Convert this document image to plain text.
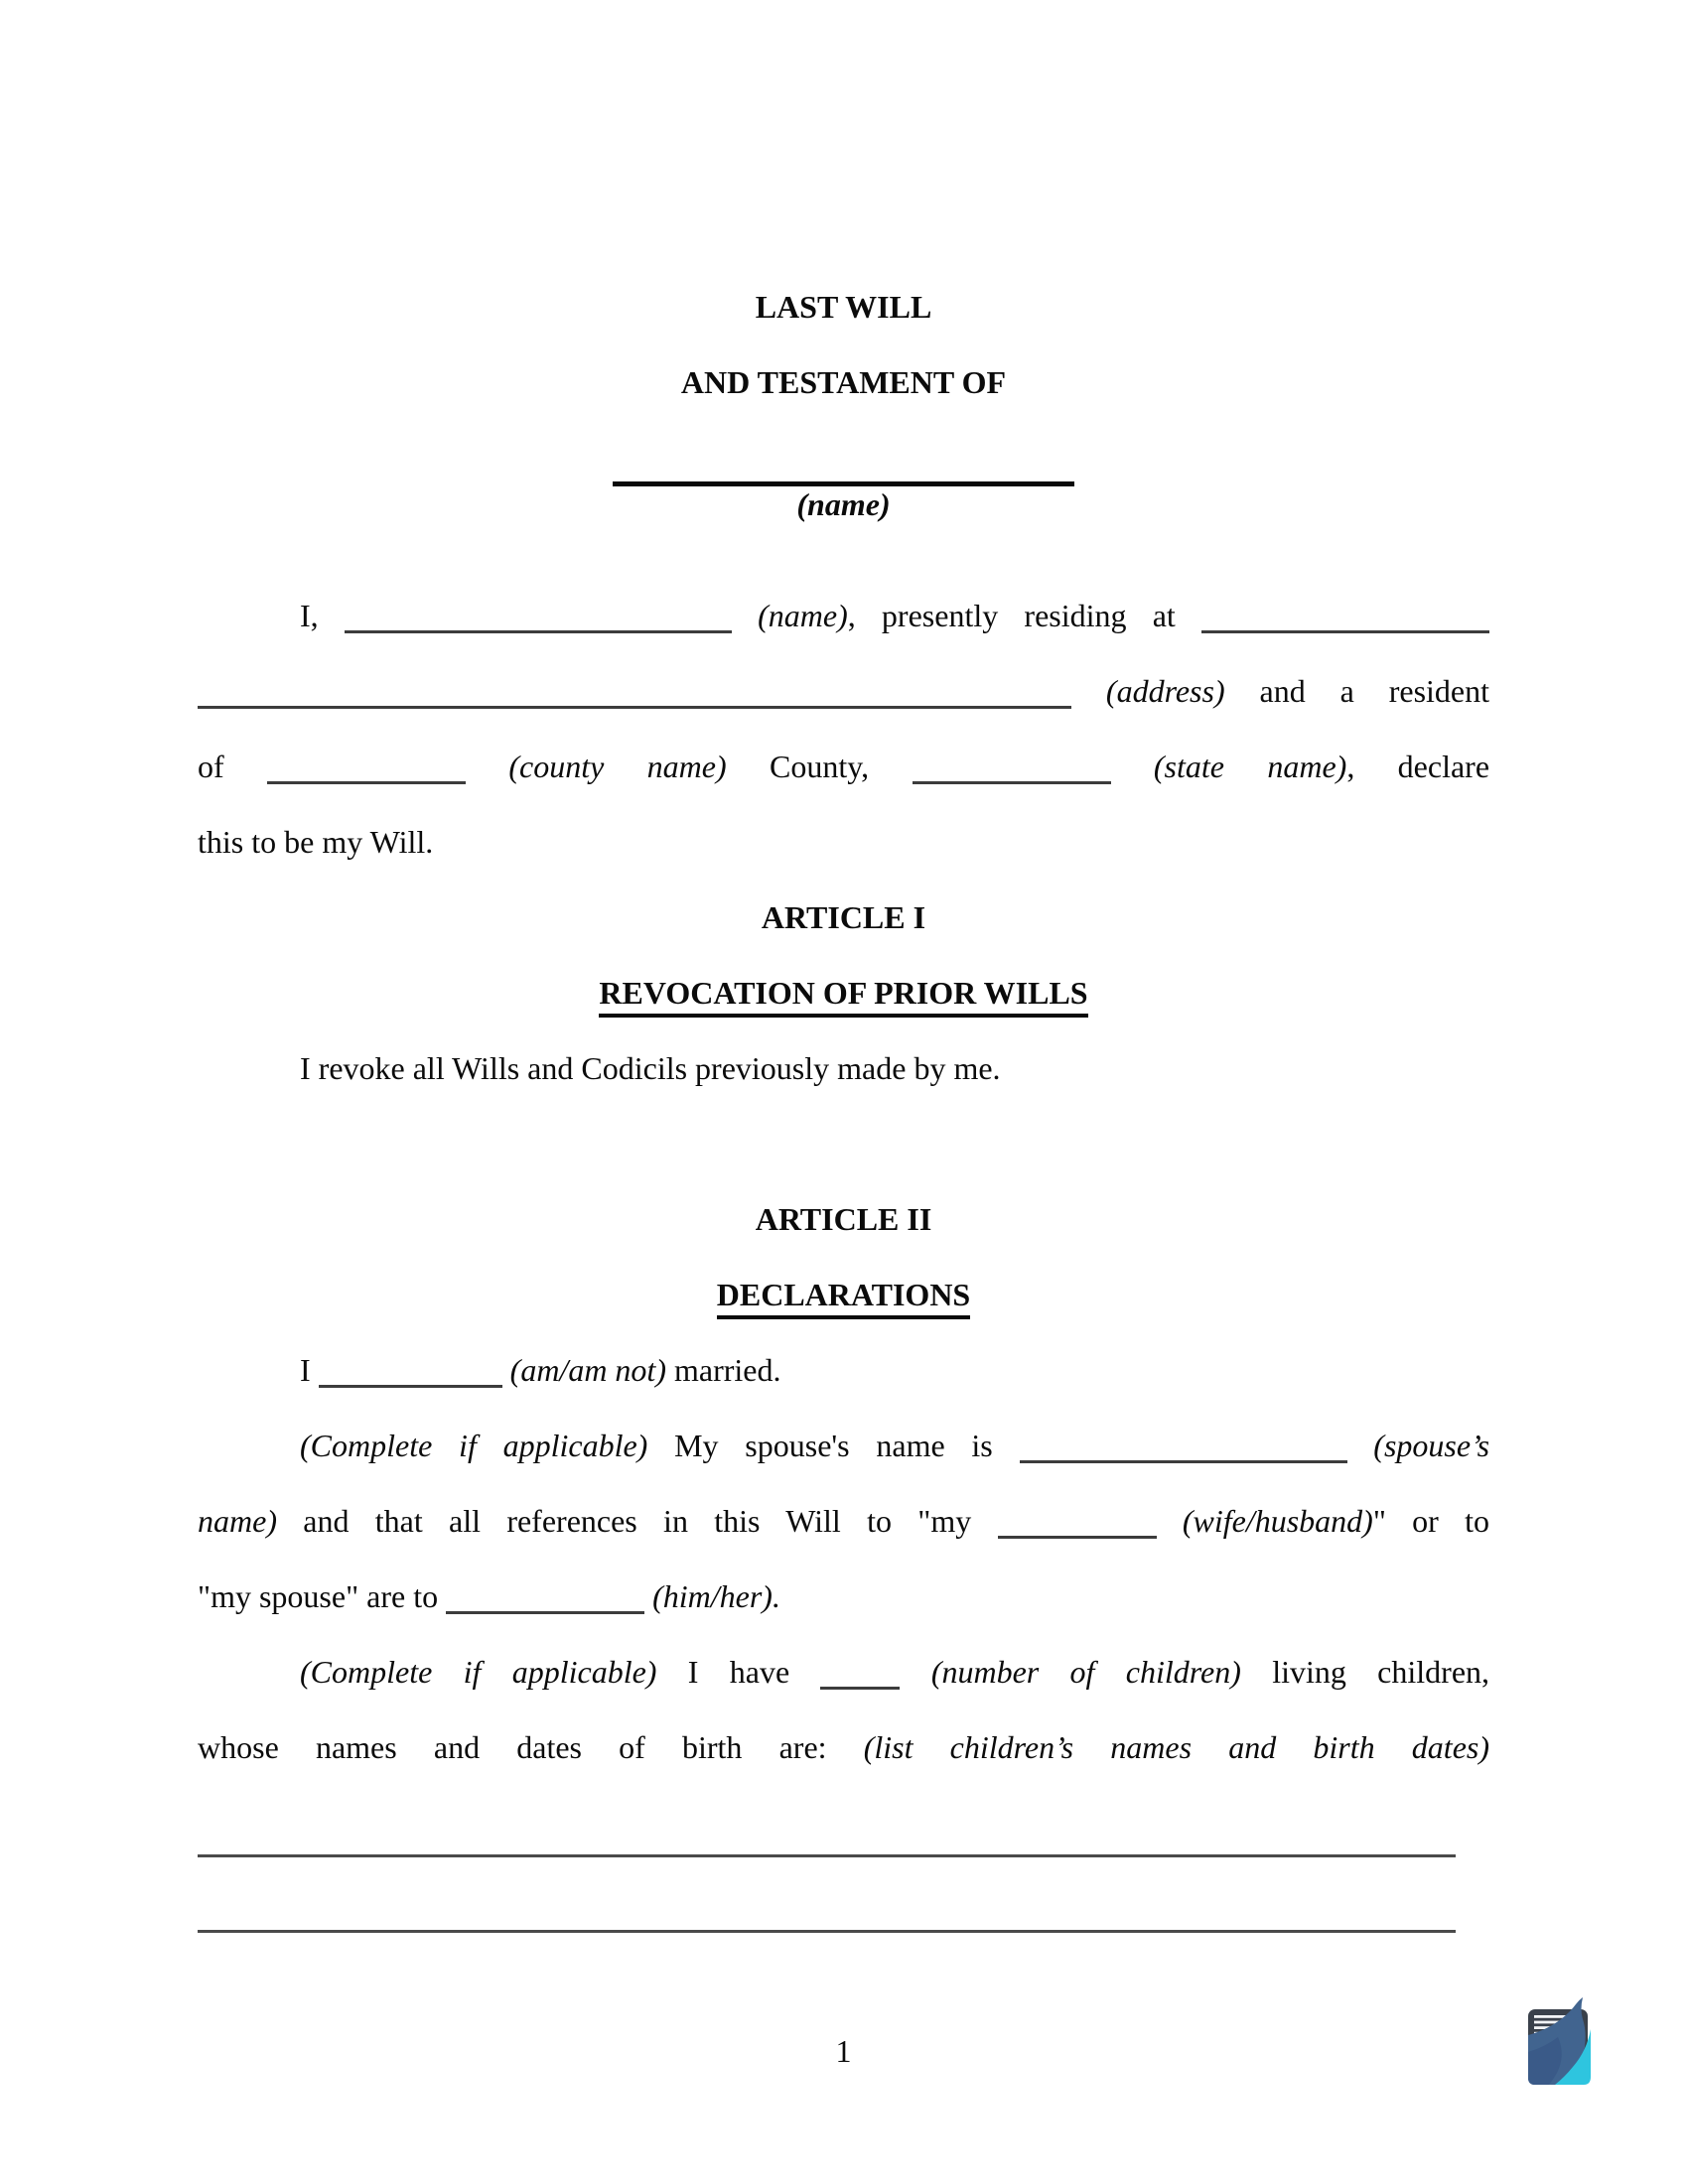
LAST WILL
AND TESTAMENT OF
(name)
I,	(name), presently residing at
(address) and a resident
of	(county name) County,	(state name), declare
this to be my Will.
ARTICLE I
REVOCATION OF PRIOR WILLS
I revoke all Wills and Codicils previously made by me.
ARTICLE II
DECLARATIONS
I	(am/am not) married.
(Complete if applicable) My spouse's name is	(spouse’s
name) and that all references in this Will to "my	(wife/husband)" or to
"my spouse" are to	(him/her).
(Complete if applicable) I have	(number of children) living children,
whose names and dates of birth are: (list children’s names and birth dates)
1
